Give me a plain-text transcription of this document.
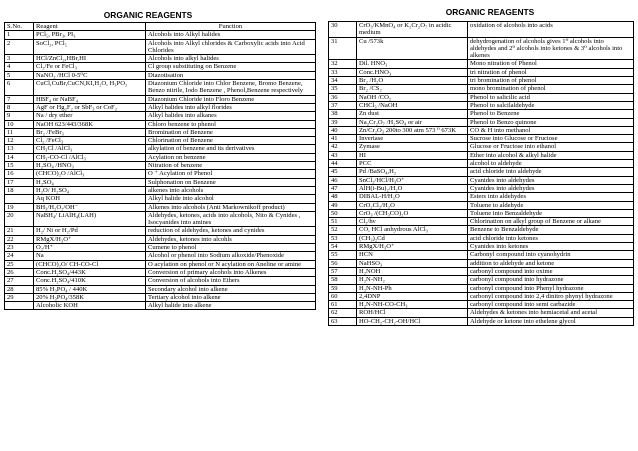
ORGANIC REAGENTS
S.No.	Reagent	Function
1	PCl₅, PBr₃, PI₃	Alcohols into Alkyl halides
2	SoCl₂, PCl₅	Alcohols into Alkyl chlorides & Carboxylic acids into Acid Chlorides
3	HCl/ZnCl₂,HBr,HI	Alcohols into alkyl halides
4	Cl₂/Fe or FeCl₃	Cl group substituting on Benzene
5	NaNO₂ /HCl 0-5⁰C	Diazotisation
6	CuCl,CuBr,CuCN,KI,H₂O, H₃PO₂	Diazonium Chloride into Chlor Benzene, Bromo Benzene, Benzo nitrile, Iodo Benzene , Phenol,Benzene respectively
7	HBF₄ or NaBF₄	Diazonium Chloride into Floro Benzene
8	AgF or Hg₂F₂ or SbF₃ or CoF₂	Alkyl halides into alkyl florides
9	Na / dry ether	Alkyl halides into alkanes
10	NaOH 623/443/368K	Chloro benzene to phenol
11	Br₂ /FeBr₃	Bromination of Benzene
12	Cl₂ /FeCl₃	Chlorination of Benzene
13	CH₃Cl /AlCl₃	alkylation of benzene and its derivatives
14	CH₃-CO-Cl /AlCl₃	Acylation on benzene
15	H₂SO₄ /HNO₃	Nitration of benzene
16	(CHCO)₂O /AlCl₃	O ⁺ Acylation of Phenol
17	H₂SO₄	Sulphonation on Benzene
18	H₂O/ H₂SO₄	alkenes into alcohols
	Aq KOH	Alkyl halide into alcohol
19	BH₃/H₂O₂/OH⁻	Alkenes into alcohols (Anti Markownikoff product)
20	NaBH₄/ LiAlH₄(LAH)	Aldehydes, ketones, acids into alcohols, Nito & Cynides , Isocyanides into amines
21	H₂/ Ni or H₂/Pd	reduction of aldehydes, ketones and cynides
22	RMgX/H₃O⁺	Aldehydes, ketones into alcohls
23	O₂/H⁺	Cumene to phenol
24	Na	Alcohol or phenol into Sodium alkoxide/Phenoxide
25	(CHCO)₂O/ CH-CO-Cl	O acylation on phenol or N acylation on Aneline or amine
26	Conc.H₂SO₄/443K	Conversion of primary alcohols into Alkenes
27	Conc.H₂SO₄/410K	Conversion of alcohols into Ethers
28	85% H₃PO₄ / 440K	Secondary alcohol into alkene
29	20% H₃PO₄/358K	Tertiary alcohol into alkene
	Alcoholic KOH	Alkyl halide into alkene
ORGANIC REAGENTS
30	CrO₃/KMnO₄ or K₂Cr₂O₇ in acidic medium	oxidation of alcohols into acids
31	Cu /573k	dehydrogenation of alcohols gives 1⁰ alcohols into aldehydes and 2⁰ alcohols into ketones & 3⁰ alcohols into alkenes
32	Dil. HNO₃	Mono nitration of Phenol
33	Conc.HNO₃	tri nitration of phenol
34	Br₂ /H₂O	tri bromination of phenol
35	Br₂ /CS₂	mono bromination of phenol
36	NaOH /CO₂	Phenol to salicilic acid
37	CHCl₃ /NaOH	Phenol to salcilaldehyde
38	Zn dust	Phenol to Benzene
39	Na₂Cr₂O₇ /H₂SO₄ or air	Phenol to Benzo quinone
40	Zn/Cr₂O₃ 200to 300 atm 573 ⁰ 673K	CO & H into methanol
41	Invertase	Sucrose into Glucose or Fructose
42	Zymase	Glucose or Fructose into ethanol
43	HI	Ether into alcohol & alkyl halide
44	PCC	alcohol to aldehyde
45	Pd /BaSO₄,H₂	acid chloride into aldehyde
46	SnCl₂/HCl/H₃O⁺	Cyanides into aldehydes
47	AlH(i-Bu)₂/H₂O	Cyanides into aldehydes
48	DIBAL-H/H₂O	Esters into aldehydes
49	CrO₂Cl₂/H₂O	Toluene to aldehyde
50	CrO₃ /(CH₃CO)₂O	Toluene into Benzaldehyde
51	Cl₂/hν	Chlorination on alkyl group of Benzene or alkane
52	CO, HCl anhydrous AlCl₃	Benzene to Benzaldehyde
53	(CH₃)₂Cd	acid chloride into ketones
54	RMgX/H₃O⁺	Cyanides into ketones
55	HCN	Carbonyl compound into cyanohydrin
56	NaHSO₃	addition to aldehyde and ketone
57	H₂NOH	carbonyl compound into oxime
58	H₂N-NH₂	carbonyl compound into hydrazone
59	H₂N-NH-Ph	carbonyl compound into Phenyl hydrazone
60	2,4DNP	carbonyl compound into 2,4 dinitro phynyl hydrazone
61	H₂N-NH-CO-CH₃	carbonyl compound into semi carbazide
62	ROH/HCl	Aldehydes & ketones into hemiacetal and acetal
63	HO-CH₂-CH₂-OH/HCl	Aldehyde or ketone into ethelene glycol
